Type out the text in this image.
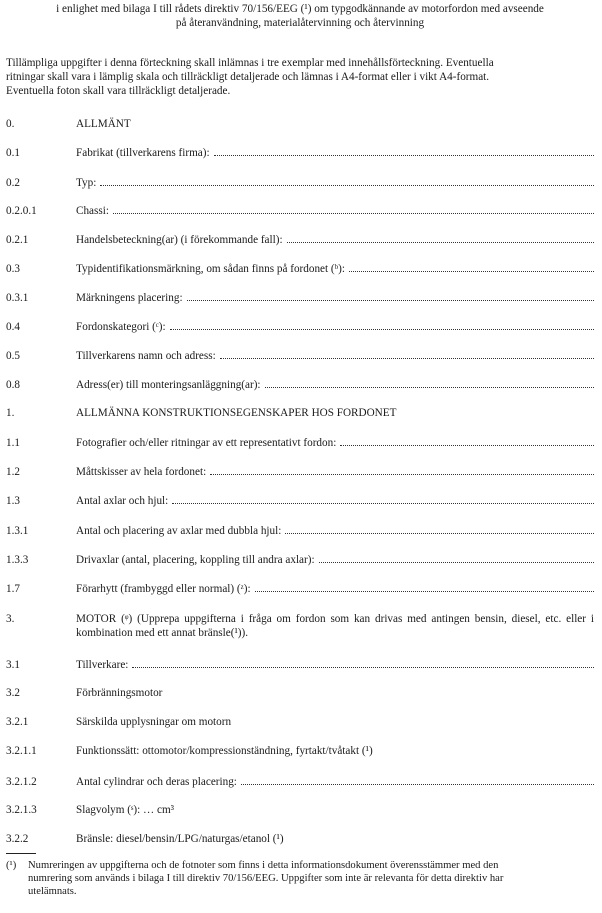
i enlighet med bilaga I till rådets direktiv 70/156/EEG (¹) om typgodkännande av motorfordon med avseende
på återanvändning, materialåtervinning och återvinning
Tillämpliga uppgifter i denna förteckning skall inlämnas i tre exemplar med innehållsförteckning. Eventuella
ritningar skall vara i lämplig skala och tillräckligt detaljerade och lämnas i A4-format eller i vikt A4-format.
Eventuella foton skall vara tillräckligt detaljerade.
0.	ALLMÄNT
0.1	Fabrikat (tillverkarens firma):
0.2	Typ:
0.2.0.1	Chassi:
0.2.1	Handelsbeteckning(ar) (i förekommande fall):
0.3	Typidentifikationsmärkning, om sådan finns på fordonet (ᵇ):
0.3.1	Märkningens placering:
0.4	Fordonskategori (ᶜ):
0.5	Tillverkarens namn och adress:
0.8	Adress(er) till monteringsanläggning(ar):
1.	ALLMÄNNA KONSTRUKTIONSEGENSKAPER HOS FORDONET
1.1	Fotografier och/eller ritningar av ett representativt fordon:
1.2	Måttskisser av hela fordonet:
1.3	Antal axlar och hjul:
1.3.1	Antal och placering av axlar med dubbla hjul:
1.3.3	Drivaxlar (antal, placering, koppling till andra axlar):
1.7	Förarhytt (frambyggd eller normal) (ᶻ):
3.	MOTOR (ᵠ) (Upprepa uppgifterna i fråga om fordon som kan drivas med antingen bensin, diesel, etc. eller i kombination med ett annat bränsle(¹)).
3.1	Tillverkare:
3.2	Förbränningsmotor
3.2.1	Särskilda upplysningar om motorn
3.2.1.1	Funktionssätt: ottomotor/kompressionständning, fyrtakt/tvåtakt (¹)
3.2.1.2	Antal cylindrar och deras placering:
3.2.1.3	Slagvolym (ˢ): … cm³
3.2.2	Bränsle: diesel/bensin/LPG/naturgas/etanol (¹)
(¹)	Numreringen av uppgifterna och de fotnoter som finns i detta informationsdokument överensstämmer med den
numrering som används i bilaga I till direktiv 70/156/EEG. Uppgifter som inte är relevanta för detta direktiv har
utelämnats.
